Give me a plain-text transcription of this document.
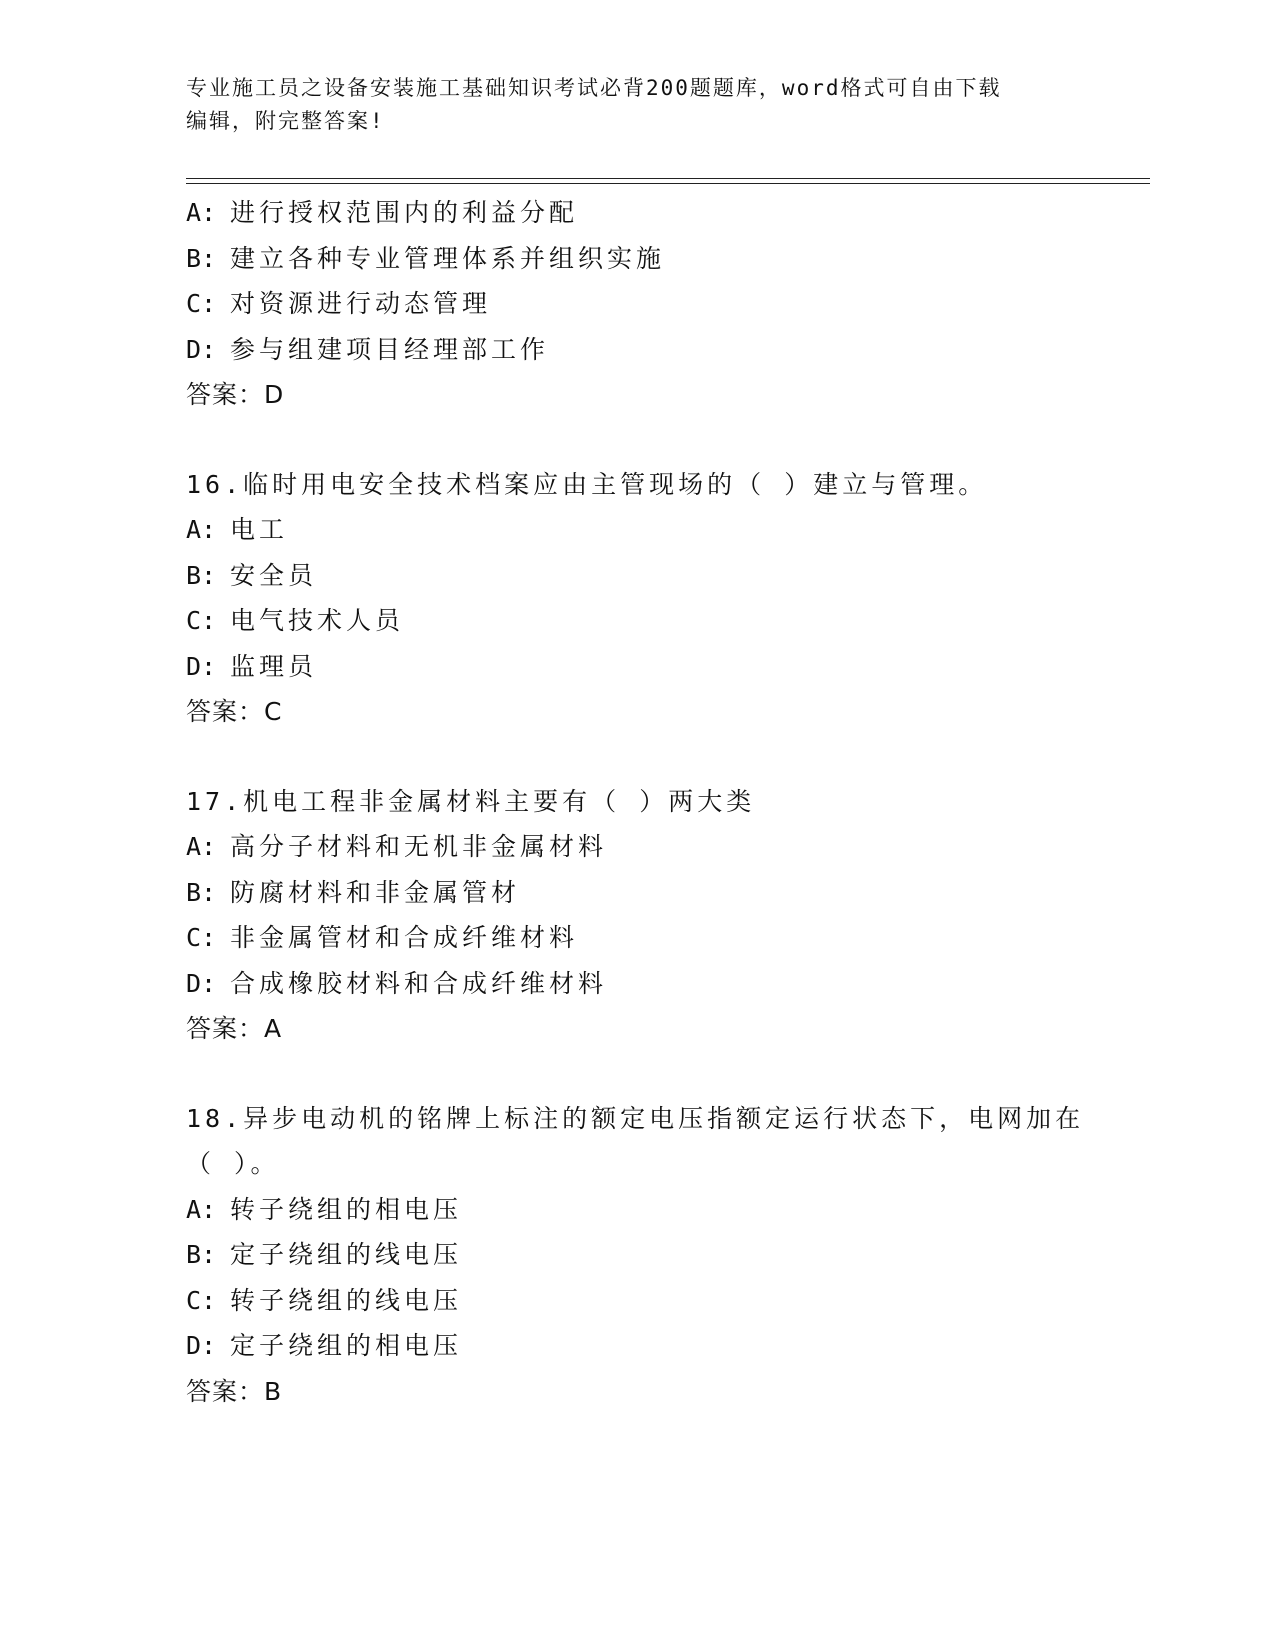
专业施工员之设备安装施工基础知识考试必背200题题库，word格式可自由下载
编辑，附完整答案!
A: 进行授权范围内的利益分配
B: 建立各种专业管理体系并组织实施
C: 对资源进行动态管理
D: 参与组建项目经理部工作
答案：D
16.临时用电安全技术档案应由主管现场的（ ）建立与管理。
A: 电工
B: 安全员
C: 电气技术人员
D: 监理员
答案：C
17.机电工程非金属材料主要有（ ）两大类
A: 高分子材料和无机非金属材料
B: 防腐材料和非金属管材
C: 非金属管材和合成纤维材料
D: 合成橡胶材料和合成纤维材料
答案：A
18.异步电动机的铭牌上标注的额定电压指额定运行状态下，电网加在
（ ）。
A: 转子绕组的相电压
B: 定子绕组的线电压
C: 转子绕组的线电压
D: 定子绕组的相电压
答案：B
